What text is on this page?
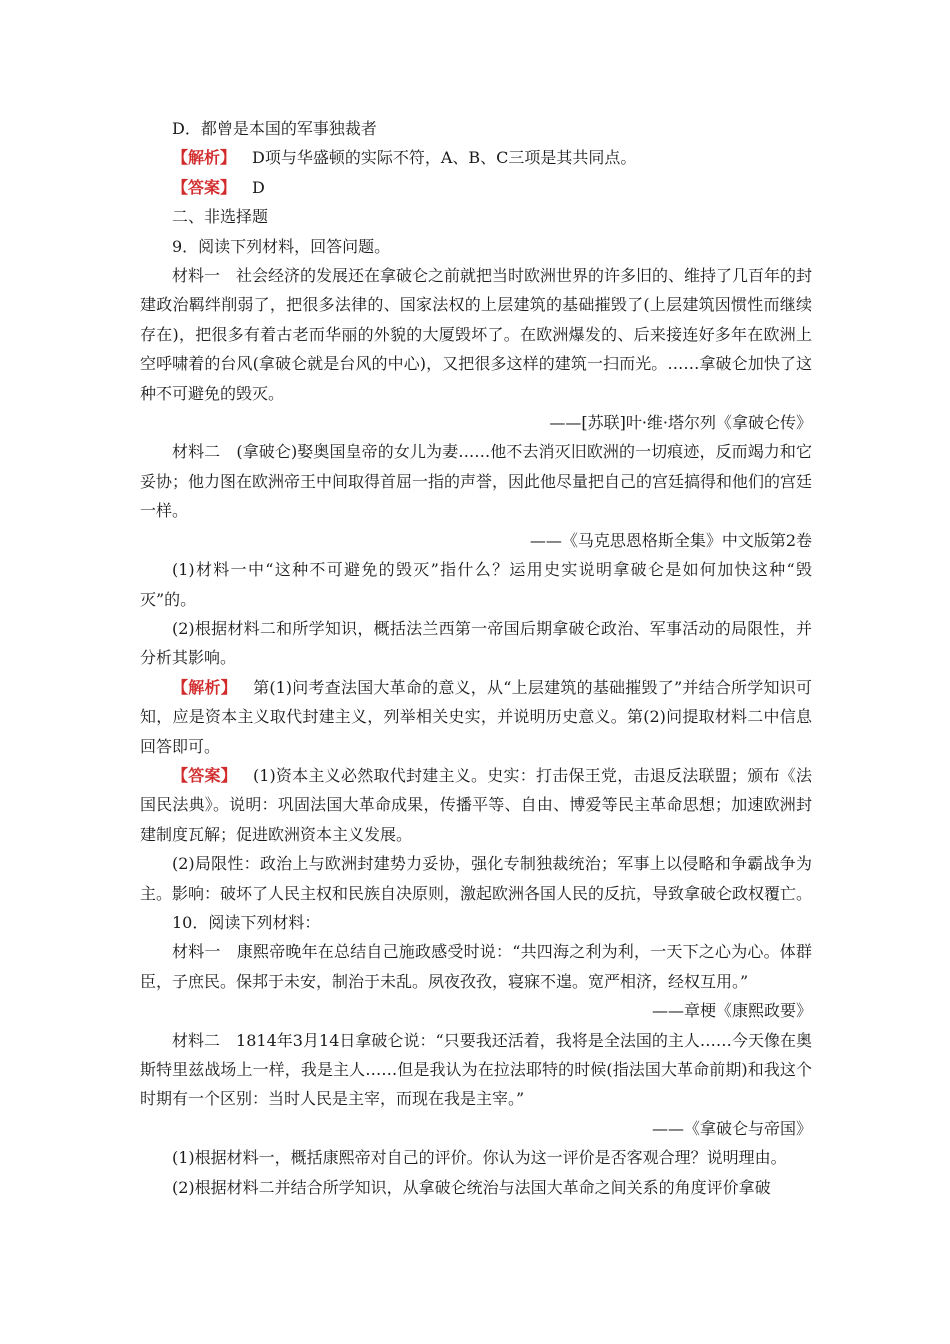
D．都曾是本国的军事独裁者

【解析】 D项与华盛顿的实际不符，A、B、C三项是其共同点。

【答案】 D

二、非选择题

9．阅读下列材料，回答问题。

材料一　社会经济的发展还在拿破仑之前就把当时欧洲世界的许多旧的、维持了几百年的封建政治羁绊削弱了，把很多法律的、国家法权的上层建筑的基础摧毁了(上层建筑因惯性而继续存在)，把很多有着古老而华丽的外貌的大厦毁坏了。在欧洲爆发的、后来接连好多年在欧洲上空呼啸着的台风(拿破仑就是台风的中心)，又把很多这样的建筑一扫而光。……拿破仑加快了这种不可避免的毁灭。

——[苏联]叶·维·塔尔列《拿破仑传》

材料二　(拿破仑)娶奥国皇帝的女儿为妻……他不去消灭旧欧洲的一切痕迹，反而竭力和它妥协；他力图在欧洲帝王中间取得首屈一指的声誉，因此他尽量把自己的宫廷搞得和他们的宫廷一样。

——《马克思恩格斯全集》中文版第2卷

(1)材料一中“这种不可避免的毁灭”指什么？运用史实说明拿破仑是如何加快这种“毁灭”的。

(2)根据材料二和所学知识，概括法兰西第一帝国后期拿破仑政治、军事活动的局限性，并分析其影响。

【解析】 第(1)问考查法国大革命的意义，从“上层建筑的基础摧毁了”并结合所学知识可知，应是资本主义取代封建主义，列举相关史实，并说明历史意义。第(2)问提取材料二中信息回答即可。

【答案】 (1)资本主义必然取代封建主义。史实：打击保王党，击退反法联盟；颁布《法国民法典》。说明：巩固法国大革命成果，传播平等、自由、博爱等民主革命思想；加速欧洲封建制度瓦解；促进欧洲资本主义发展。

(2)局限性：政治上与欧洲封建势力妥协，强化专制独裁统治；军事上以侵略和争霸战争为主。影响：破坏了人民主权和民族自决原则，激起欧洲各国人民的反抗，导致拿破仑政权覆亡。

10．阅读下列材料：

材料一　康熙帝晚年在总结自己施政感受时说：“共四海之利为利，一天下之心为心。体群臣，子庶民。保邦于未安，制治于未乱。夙夜孜孜，寝寐不遑。宽严相济，经权互用。”

——章梗《康熙政要》

材料二　1814年3月14日拿破仑说：“只要我还活着，我将是全法国的主人……今天像在奥斯特里兹战场上一样，我是主人……但是我认为在拉法耶特的时候(指法国大革命前期)和我这个时期有一个区别：当时人民是主宰，而现在我是主宰。”

——《拿破仑与帝国》

(1)根据材料一，概括康熙帝对自己的评价。你认为这一评价是否客观合理？说明理由。

(2)根据材料二并结合所学知识，从拿破仑统治与法国大革命之间关系的角度评价拿破
